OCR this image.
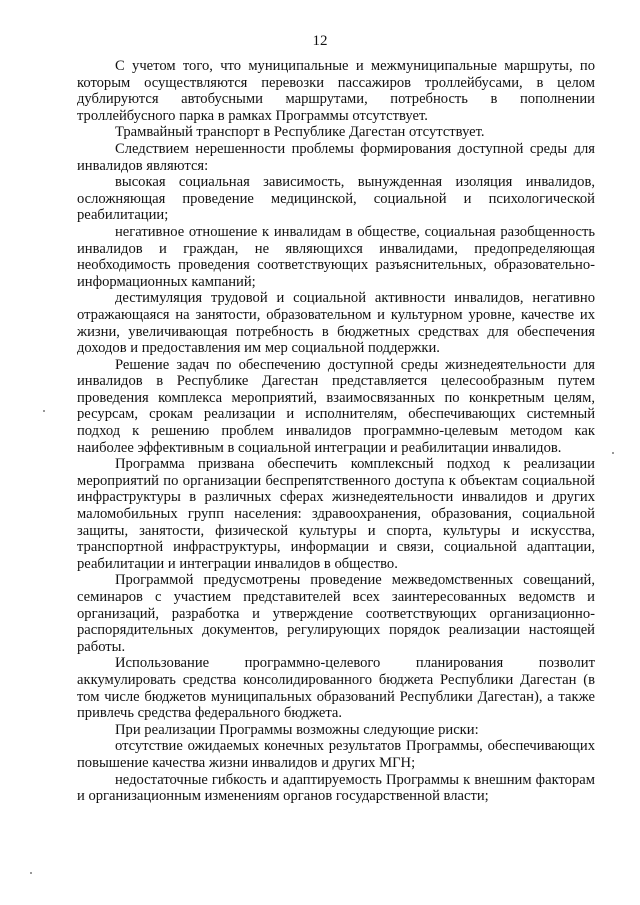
12

С учетом того, что муниципальные и межмуниципальные маршруты, по которым осуществляются перевозки пассажиров троллейбусами, в целом дублируются автобусными маршрутами, потребность в пополнении троллейбусного парка в рамках Программы отсутствует.

Трамвайный транспорт в Республике Дагестан отсутствует.

Следствием нерешенности проблемы формирования доступной среды для инвалидов являются:

высокая социальная зависимость, вынужденная изоляция инвалидов, осложняющая проведение медицинской, социальной и психологической реабилитации;

негативное отношение к инвалидам в обществе, социальная разобщенность инвалидов и граждан, не являющихся инвалидами, предопределяющая необходимость проведения соответствующих разъяснительных, образовательно-информационных кампаний;

дестимуляция трудовой и социальной активности инвалидов, негативно отражающаяся на занятости, образовательном и культурном уровне, качестве их жизни, увеличивающая потребность в бюджетных средствах для обеспечения доходов и предоставления им мер социальной поддержки.

Решение задач по обеспечению доступной среды жизнедеятельности для инвалидов в Республике Дагестан представляется целесообразным путем проведения комплекса мероприятий, взаимосвязанных по конкретным целям, ресурсам, срокам реализации и исполнителям, обеспечивающих системный подход к решению проблем инвалидов программно-целевым методом как наиболее эффективным в социальной интеграции и реабилитации инвалидов.

Программа призвана обеспечить комплексный подход к реализации мероприятий по организации беспрепятственного доступа к объектам социальной инфраструктуры в различных сферах жизнедеятельности инвалидов и других маломобильных групп населения: здравоохранения, образования, социальной защиты, занятости, физической культуры и спорта, культуры и искусства, транспортной инфраструктуры, информации и связи, социальной адаптации, реабилитации и интеграции инвалидов в общество.

Программой предусмотрены проведение межведомственных совещаний, семинаров с участием представителей всех заинтересованных ведомств и организаций, разработка и утверждение соответствующих организационно-распорядительных документов, регулирующих порядок реализации настоящей работы.

Использование программно-целевого планирования позволит аккумулировать средства консолидированного бюджета Республики Дагестан (в том числе бюджетов муниципальных образований Республики Дагестан), а также привлечь средства федерального бюджета.

При реализации Программы возможны следующие риски:

отсутствие ожидаемых конечных результатов Программы, обеспечивающих повышение качества жизни инвалидов и других МГН;

недостаточные гибкость и адаптируемость Программы к внешним факторам и организационным изменениям органов государственной власти;
